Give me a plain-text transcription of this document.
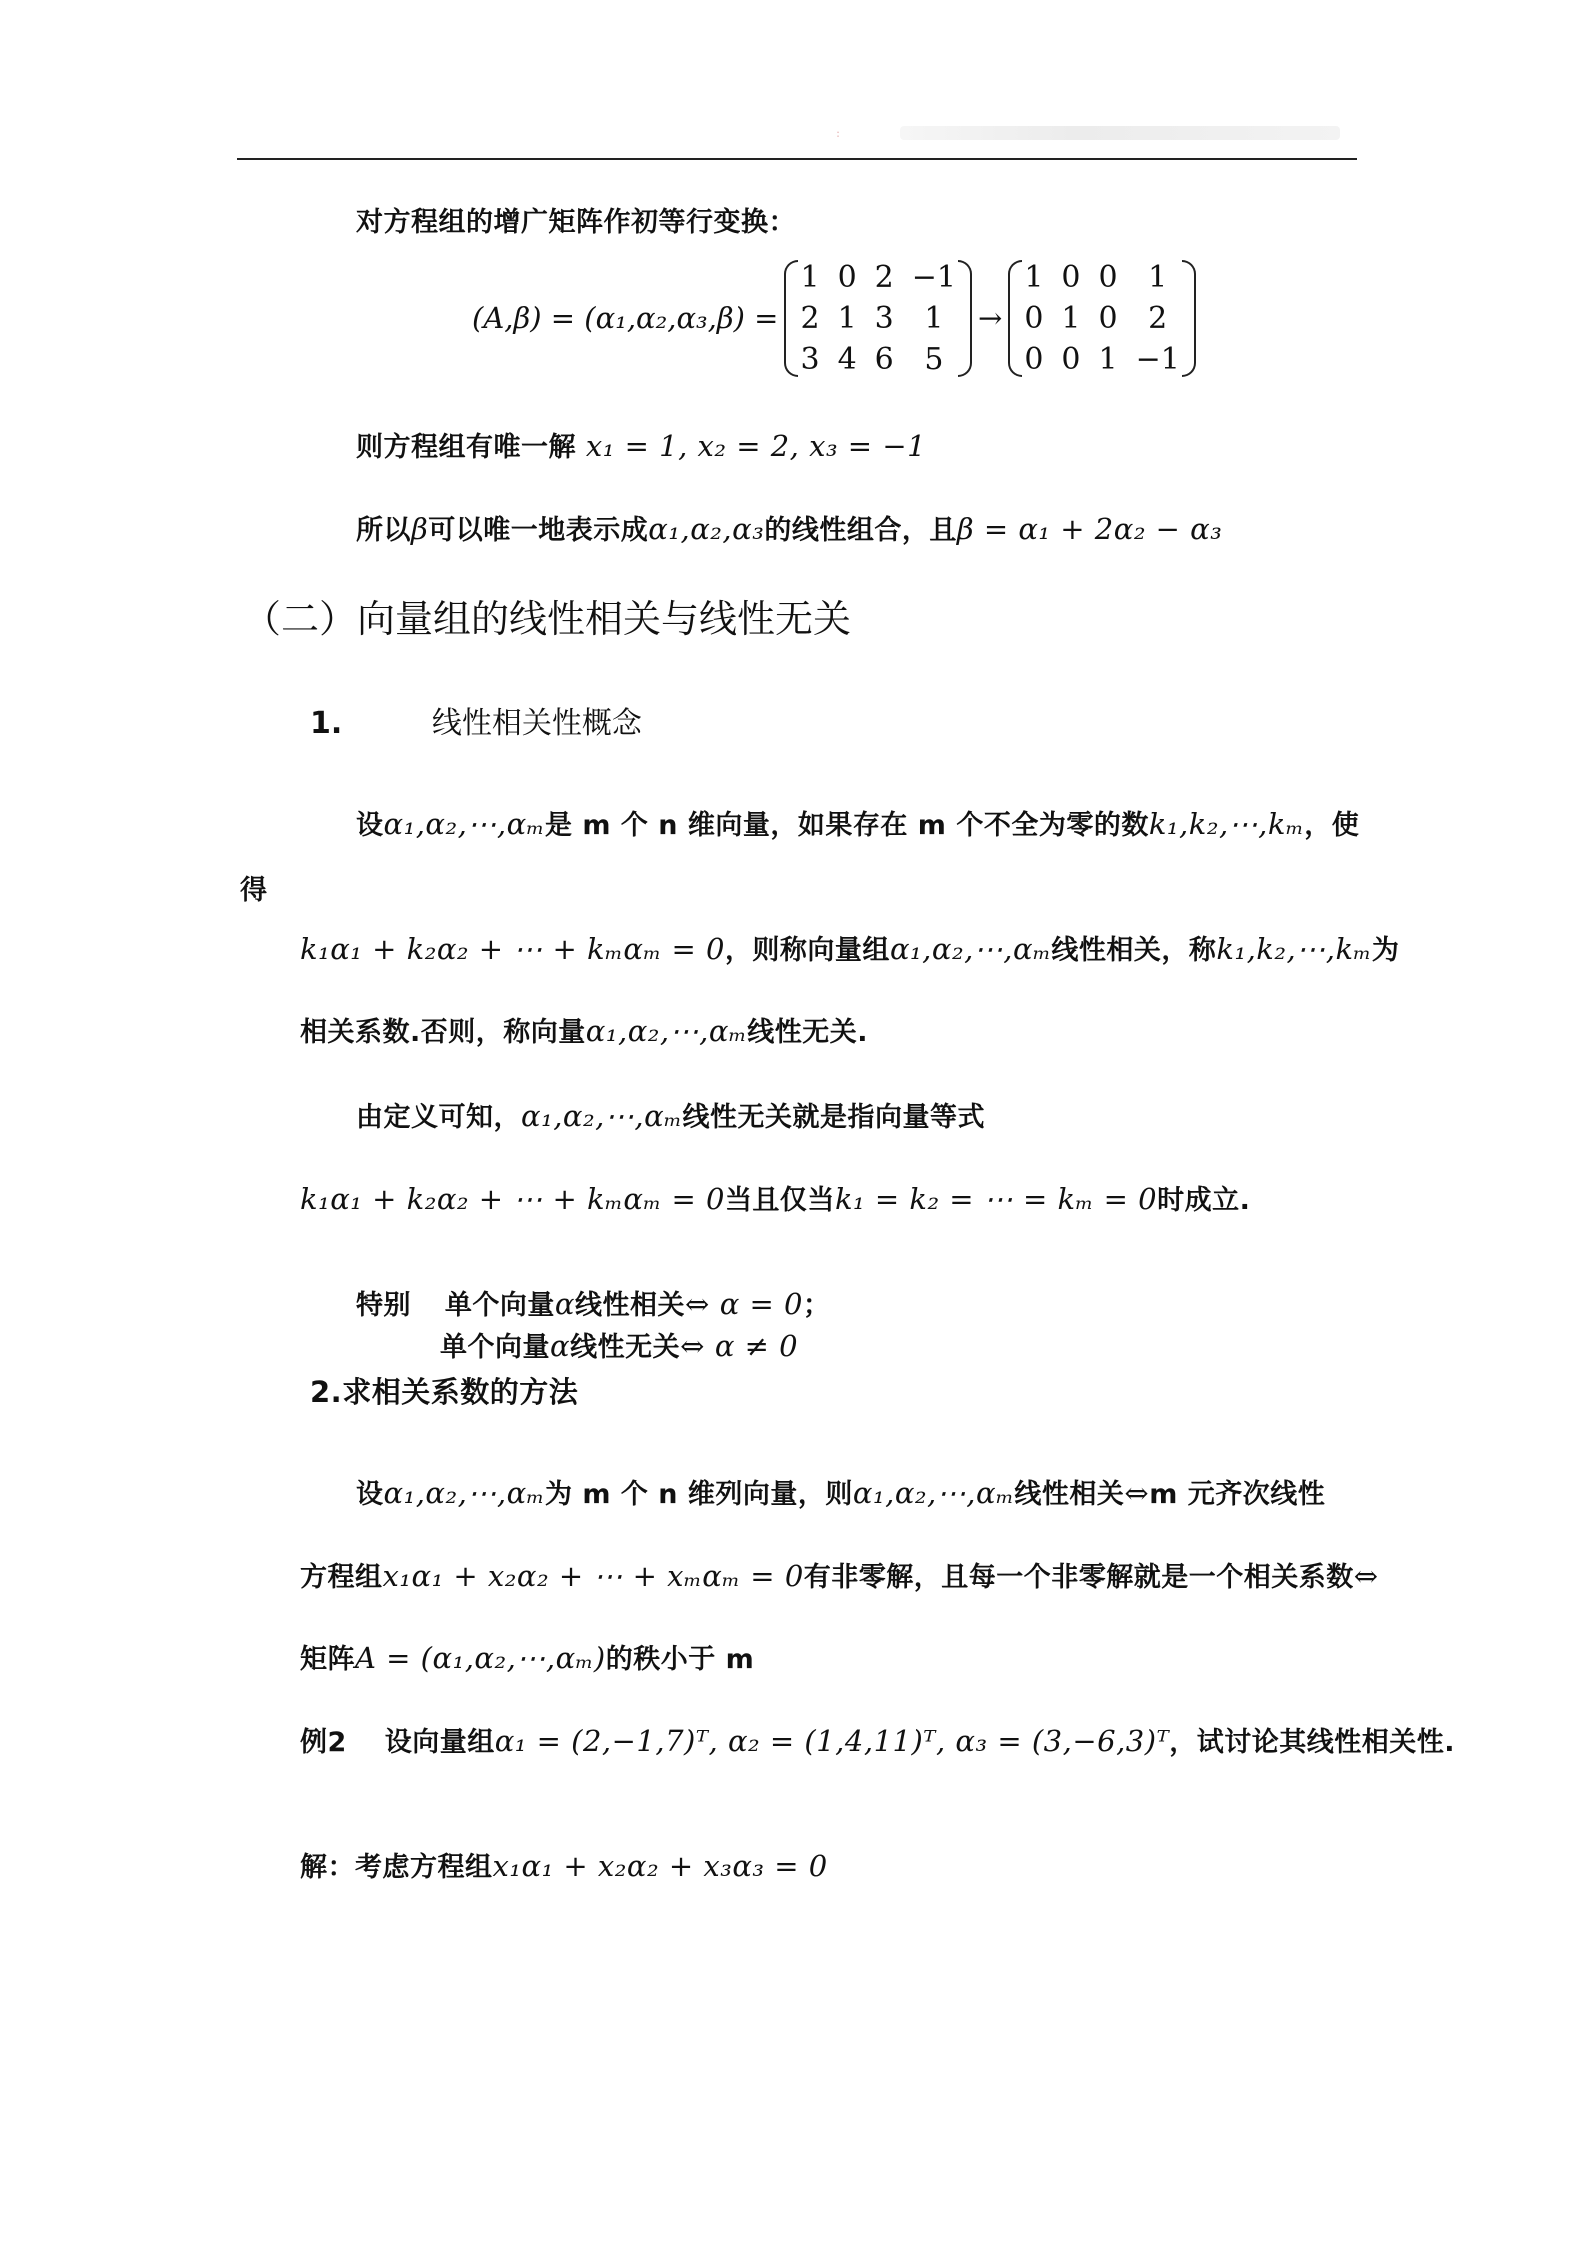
:
对方程组的增广矩阵作初等行变换：
(A,β) = (α₁,α₂,α₃,β) =
1 0 2 −1
2 1 3	1
3 4 6	5
→
1 0 0	1
0 1 0	2
0 0 1 −1
则方程组有唯一解 x₁ = 1, x₂ = 2, x₃ = −1
所以β可以唯一地表示成α₁,α₂,α₃的线性组合，且β = α₁ + 2α₂ − α₃
（二）向量组的线性相关与线性无关
1.	线性相关性概念
设α₁,α₂,⋯,αₘ是 m 个 n 维向量，如果存在 m 个不全为零的数k₁,k₂,⋯,kₘ，使
得
k₁α₁ + k₂α₂ + ⋯ + kₘαₘ = 0，则称向量组α₁,α₂,⋯,αₘ线性相关，称k₁,k₂,⋯,kₘ为
相关系数.否则，称向量α₁,α₂,⋯,αₘ线性无关.
由定义可知，α₁,α₂,⋯,αₘ线性无关就是指向量等式
k₁α₁ + k₂α₂ + ⋯ + kₘαₘ = 0当且仅当k₁ = k₂ = ⋯ = kₘ = 0时成立.
特别 单个向量α线性相关⇔ α = 0；
单个向量α线性无关⇔ α ≠ 0
2.求相关系数的方法
设α₁,α₂,⋯,αₘ为 m 个 n 维列向量，则α₁,α₂,⋯,αₘ线性相关⇔m 元齐次线性
方程组x₁α₁ + x₂α₂ + ⋯ + xₘαₘ = 0有非零解，且每一个非零解就是一个相关系数⇔
矩阵A = (α₁,α₂,⋯,αₘ)的秩小于 m
例2 设向量组α₁ = (2,−1,7)ᵀ, α₂ = (1,4,11)ᵀ, α₃ = (3,−6,3)ᵀ，试讨论其线性相关性.
解：考虑方程组x₁α₁ + x₂α₂ + x₃α₃ = 0
